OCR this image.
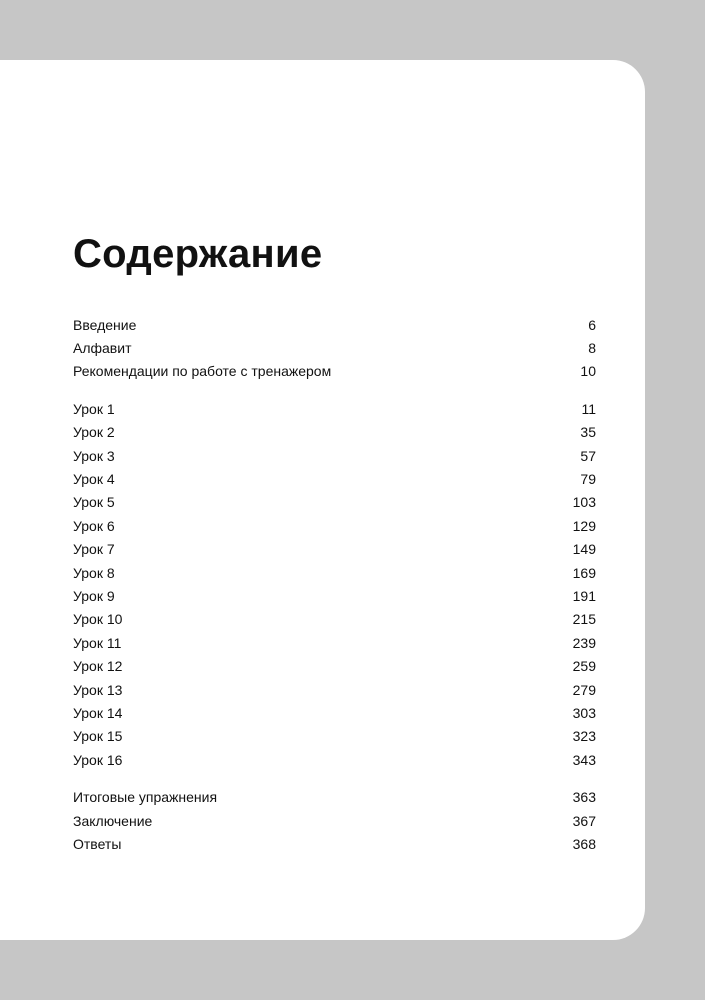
Содержание
Введение	6
Алфавит	8
Рекомендации по работе с тренажером	10
Урок 1	11
Урок 2	35
Урок 3	57
Урок 4	79
Урок 5	103
Урок 6	129
Урок 7	149
Урок 8	169
Урок 9	191
Урок 10	215
Урок 11	239
Урок 12	259
Урок 13	279
Урок 14	303
Урок 15	323
Урок 16	343
Итоговые упражнения	363
Заключение	367
Ответы	368
